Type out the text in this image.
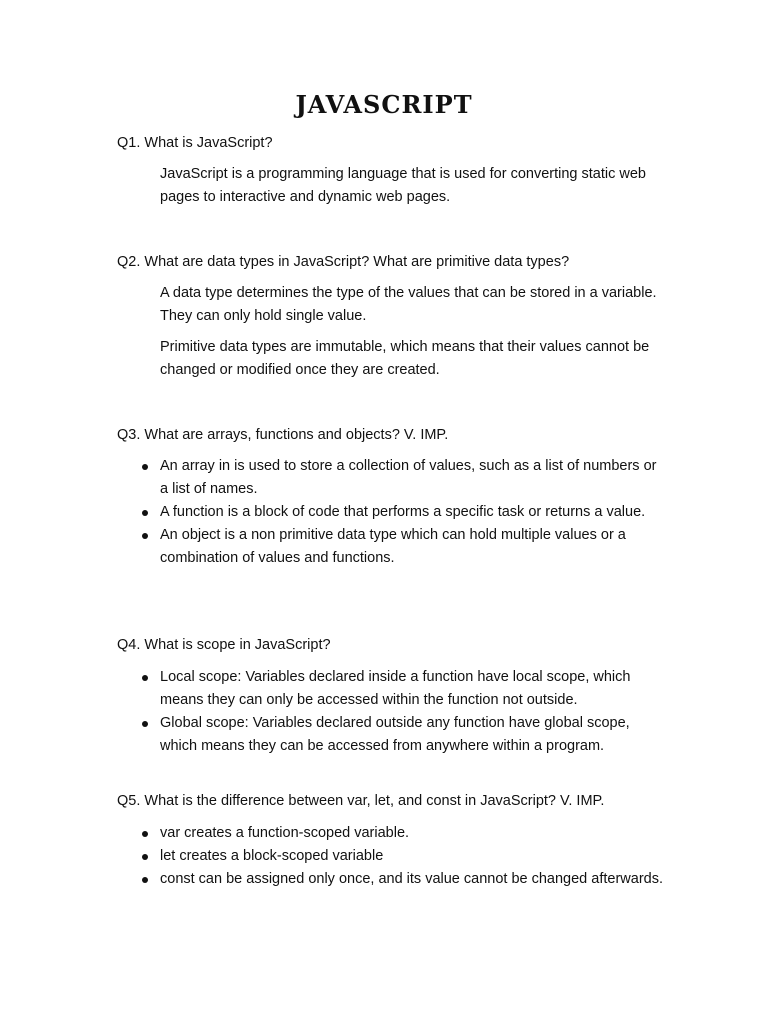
JAVASCRIPT
Q1. What is JavaScript?
JavaScript is a programming language that is used for converting static web pages to interactive and dynamic web pages.
Q2. What are data types in JavaScript? What are primitive data types?
A data type determines the type of the values that can be stored in a variable. They can only hold single value.
Primitive data types are immutable, which means that their values cannot be changed or modified once they are created.
Q3. What are arrays, functions and objects? V. IMP.
An array in is used to store a collection of values, such as a list of numbers or a list of names.
A function is a block of code that performs a specific task or returns a value.
An object is a non primitive data type which can hold multiple values or a combination of values and functions.
Q4. What is scope in JavaScript?
Local scope: Variables declared inside a function have local scope, which means they can only be accessed within the function not outside.
Global scope: Variables declared outside any function have global scope, which means they can be accessed from anywhere within a program.
Q5. What is the difference between var, let, and const in JavaScript? V. IMP.
var creates a function-scoped variable.
let creates a block-scoped variable
const can be assigned only once, and its value cannot be changed afterwards.
